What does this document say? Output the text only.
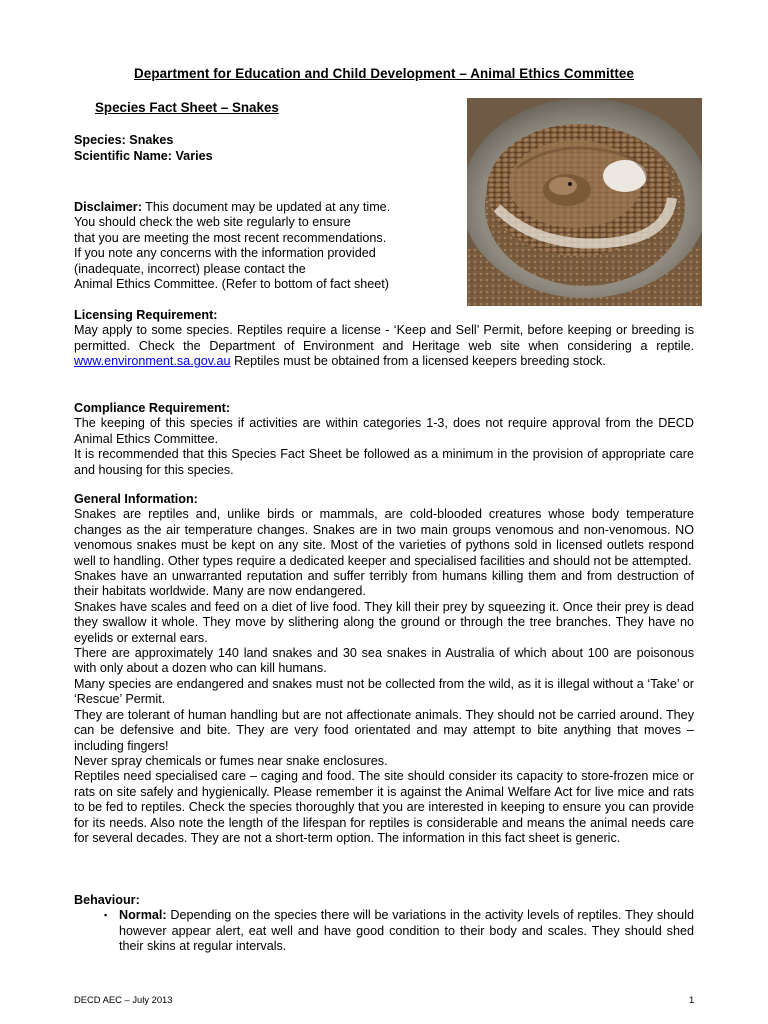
Department for Education and Child Development – Animal Ethics Committee
Species Fact Sheet – Snakes
Species: Snakes
Scientific Name: Varies
Disclaimer: This document may be updated at any time.
You should check the web site regularly to ensure
that you are meeting the most recent recommendations.
If you note any concerns with the information provided
(inadequate, incorrect) please contact the
Animal Ethics Committee. (Refer to bottom of fact sheet)
Licensing Requirement:

May apply to some species. Reptiles require a license - ‘Keep and Sell’ Permit, before keeping or breeding is permitted. Check the Department of Environment and Heritage web site when considering a reptile. www.environment.sa.gov.au Reptiles must be obtained from a licensed keepers breeding stock.

Compliance Requirement:

The keeping of this species if activities are within categories 1-3, does not require approval from the DECD Animal Ethics Committee.

It is recommended that this Species Fact Sheet be followed as a minimum in the provision of appropriate care and housing for this species.

General Information:

Snakes are reptiles and, unlike birds or mammals, are cold-blooded creatures whose body temperature changes as the air temperature changes. Snakes are in two main groups venomous and non-venomous. NO venomous snakes must be kept on any site. Most of the varieties of pythons sold in licensed outlets respond well to handling. Other types require a dedicated keeper and specialised facilities and should not be attempted.

Snakes have an unwarranted reputation and suffer terribly from humans killing them and from destruction of their habitats worldwide. Many are now endangered.

Snakes have scales and feed on a diet of live food. They kill their prey by squeezing it. Once their prey is dead they swallow it whole. They move by slithering along the ground or through the tree branches. They have no eyelids or external ears.

There are approximately 140 land snakes and 30 sea snakes in Australia of which about 100 are poisonous with only about a dozen who can kill humans.

Many species are endangered and snakes must not be collected from the wild, as it is illegal without a ‘Take’ or ‘Rescue’ Permit.

They are tolerant of human handling but are not affectionate animals. They should not be carried around. They can be defensive and bite. They are very food orientated and may attempt to bite anything that moves – including fingers!

Never spray chemicals or fumes near snake enclosures.

Reptiles need specialised care – caging and food. The site should consider its capacity to store-frozen mice or rats on site safely and hygienically. Please remember it is against the Animal Welfare Act for live mice and rats to be fed to reptiles. Check the species thoroughly that you are interested in keeping to ensure you can provide for its needs. Also note the length of the lifespan for reptiles is considerable and means the animal needs care for several decades. They are not a short-term option. The information in this fact sheet is generic.

Behaviour:
▪ Normal: Depending on the species there will be variations in the activity levels of reptiles. They should however appear alert, eat well and have good condition to their body and scales. They should shed their skins at regular intervals.
DECD AEC – July 2013	1
